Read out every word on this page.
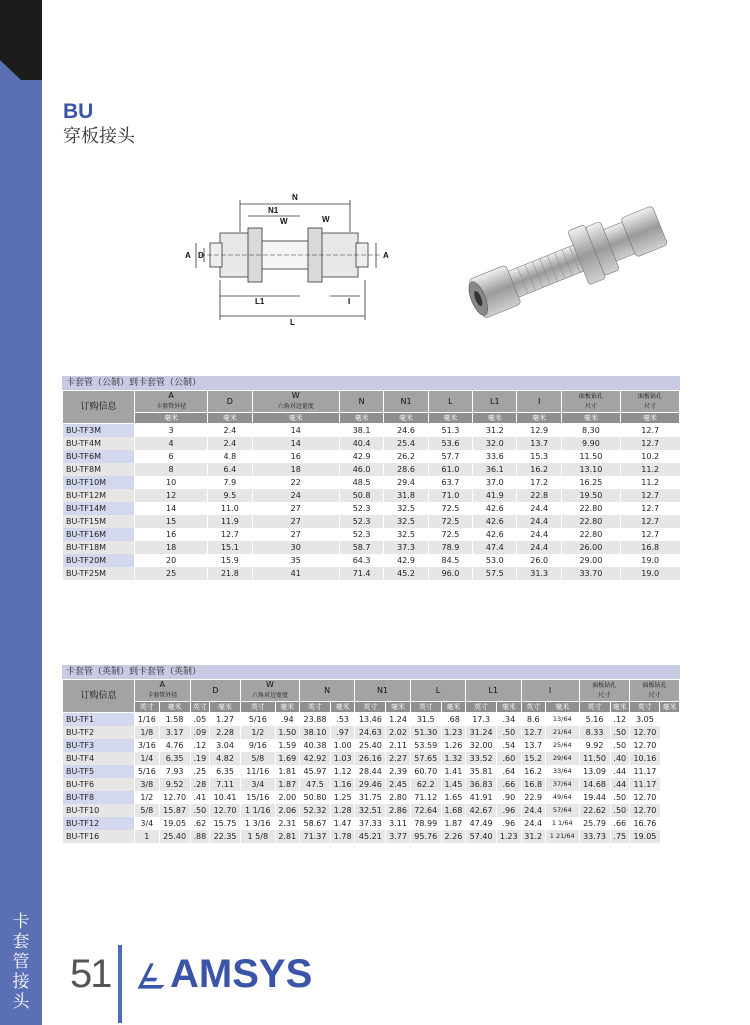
卡
套
管
接
头
BU
穿板接头
N
N1
W	W
A D	A
L1
L
I
卡套管（公制）到卡套管（公制）
订购信息	A
卡套管外径	D	W
六角对边宽度	N	N1	L	L1	I	面板钻孔
尺寸	面板钻孔
尺寸
	毫米	毫米	毫米	毫米	毫米	毫米	毫米	毫米	毫米	毫米
BU-TF3M	3	2.4	14	38.1	24.6	51.3	31.2	12.9	8.30	12.7
BU-TF4M	4	2.4	14	40.4	25.4	53.6	32.0	13.7	9.90	12.7
BU-TF6M	6	4.8	16	42.9	26.2	57.7	33.6	15.3	11.50	10.2
BU-TF8M	8	6.4	18	46.0	28.6	61.0	36.1	16.2	13.10	11.2
BU-TF10M	10	7.9	22	48.5	29.4	63.7	37.0	17.2	16.25	11.2
BU-TF12M	12	9.5	24	50.8	31.8	71.0	41.9	22.8	19.50	12.7
BU-TF14M	14	11.0	27	52.3	32.5	72.5	42.6	24.4	22.80	12.7
BU-TF15M	15	11.9	27	52.3	32.5	72.5	42.6	24.4	22.80	12.7
BU-TF16M	16	12.7	27	52.3	32.5	72.5	42.6	24.4	22.80	12.7
BU-TF18M	18	15.1	30	58.7	37.3	78.9	47.4	24.4	26.00	16.8
BU-TF20M	20	15.9	35	64.3	42.9	84.5	53.0	26.0	29.00	19.0
BU-TF25M	25	21.8	41	71.4	45.2	96.0	57.5	31.3	33.70	19.0
卡套管（英制）到卡套管（英制）
订购信息	A
卡套管外径		D		W
六角对边宽度		N		N1		L		L1		I		面板钻孔
尺寸		面板钻孔
尺寸	
	英寸	毫米	英寸	毫米	英寸	毫米	英寸	毫米	英寸	毫米	英寸	毫米	英寸	毫米	英寸	毫米	英寸	毫米	英寸	毫米
BU-TF1	1/16	1.58	.05	1.27	5/16	.94	23.88	.53	13.46	1.24	31.5	.68	17.3	.34	8.6	13/64	5.16	.12	3.05	
BU-TF2	1/8	3.17	.09	2.28	1/2	1.50	38.10	.97	24.63	2.02	51.30	1.23	31.24	.50	12.7	21/64	8.33	.50	12.70	
BU-TF3	3/16	4.76	.12	3.04	9/16	1.59	40.38	1.00	25.40	2.11	53.59	1.26	32.00	.54	13.7	25/64	9.92	.50	12.70	
BU-TF4	1/4	6.35	.19	4.82	5/8	1.69	42.92	1.03	26.16	2.27	57.65	1.32	33.52	.60	15.2	29/64	11.50	.40	10.16	
BU-TF5	5/16	7.93	.25	6.35	11/16	1.81	45.97	1.12	28.44	2.39	60.70	1.41	35.81	.64	16.2	33/64	13.09	.44	11.17	
BU-TF6	3/8	9.52	.28	7.11	3/4	1.87	47.5	1.16	29.46	2.45	62.2	1.45	36.83	.66	16.8	37/64	14.68	.44	11.17	
BU-TF8	1/2	12.70	.41	10.41	15/16	2.00	50.80	1.25	31.75	2.80	71.12	1.65	41.91	.90	22.9	49/64	19.44	.50	12.70	
BU-TF10	5/8	15.87	.50	12.70	1 1/16	2.06	52.32	1.28	32.51	2.86	72.64	1.68	42.67	.96	24.4	57/64	22.62	.50	12.70	
BU-TF12	3/4	19.05	.62	15.75	1 3/16	2.31	58.67	1.47	37.33	3.11	78.99	1.87	47.49	.96	24.4	1 1/64	25.79	.66	16.76	
BU-TF16	1	25.40	.88	22.35	1 5/8	2.81	71.37	1.78	45.21	3.77	95.76	2.26	57.40	1.23	31.2	1 21/64	33.73	.75	19.05	
51 AMSYS
